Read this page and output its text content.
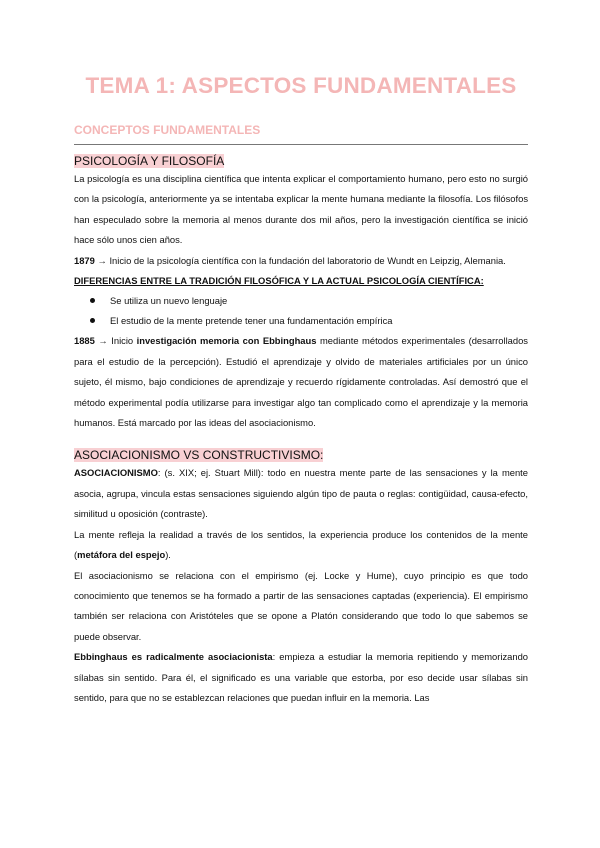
TEMA 1: ASPECTOS FUNDAMENTALES
CONCEPTOS FUNDAMENTALES
PSICOLOGÍA Y FILOSOFÍA

La psicología es una disciplina científica que intenta explicar el comportamiento humano, pero esto no surgió con la psicología, anteriormente ya se intentaba explicar la mente humana mediante la filosofía. Los filósofos han especulado sobre la memoria al menos durante dos mil años, pero la investigación científica se inició hace sólo unos cien años.

1879 → Inicio de la psicología científica con la fundación del laboratorio de Wundt en Leipzig, Alemania.

DIFERENCIAS ENTRE LA TRADICIÓN FILOSÓFICA Y LA ACTUAL PSICOLOGÍA CIENTÍFICA:

Se utiliza un nuevo lenguaje
El estudio de la mente pretende tener una fundamentación empírica

1885 → Inicio investigación memoria con Ebbinghaus mediante métodos experimentales (desarrollados para el estudio de la percepción). Estudió el aprendizaje y olvido de materiales artificiales por un único sujeto, él mismo, bajo condiciones de aprendizaje y recuerdo rígidamente controladas. Así demostró que el método experimental podía utilizarse para investigar algo tan complicado como el aprendizaje y la memoria humanos. Está marcado por las ideas del asociacionismo.

ASOCIACIONISMO VS CONSTRUCTIVISMO:

ASOCIACIONISMO: (s. XIX; ej. Stuart Mill): todo en nuestra mente parte de las sensaciones y la mente asocia, agrupa, vincula estas sensaciones siguiendo algún tipo de pauta o reglas: contigüidad, causa-efecto, similitud u oposición (contraste).

La mente refleja la realidad a través de los sentidos, la experiencia produce los contenidos de la mente (metáfora del espejo).

El asociacionismo se relaciona con el empirismo (ej. Locke y Hume), cuyo principio es que todo conocimiento que tenemos se ha formado a partir de las sensaciones captadas (experiencia). El empirismo también ser relaciona con Aristóteles que se opone a Platón considerando que todo lo que sabemos se puede observar.

Ebbinghaus es radicalmente asociacionista: empieza a estudiar la memoria repitiendo y memorizando sílabas sin sentido. Para él, el significado es una variable que estorba, por eso decide usar sílabas sin sentido, para que no se establezcan relaciones que puedan influir en la memoria. Las
